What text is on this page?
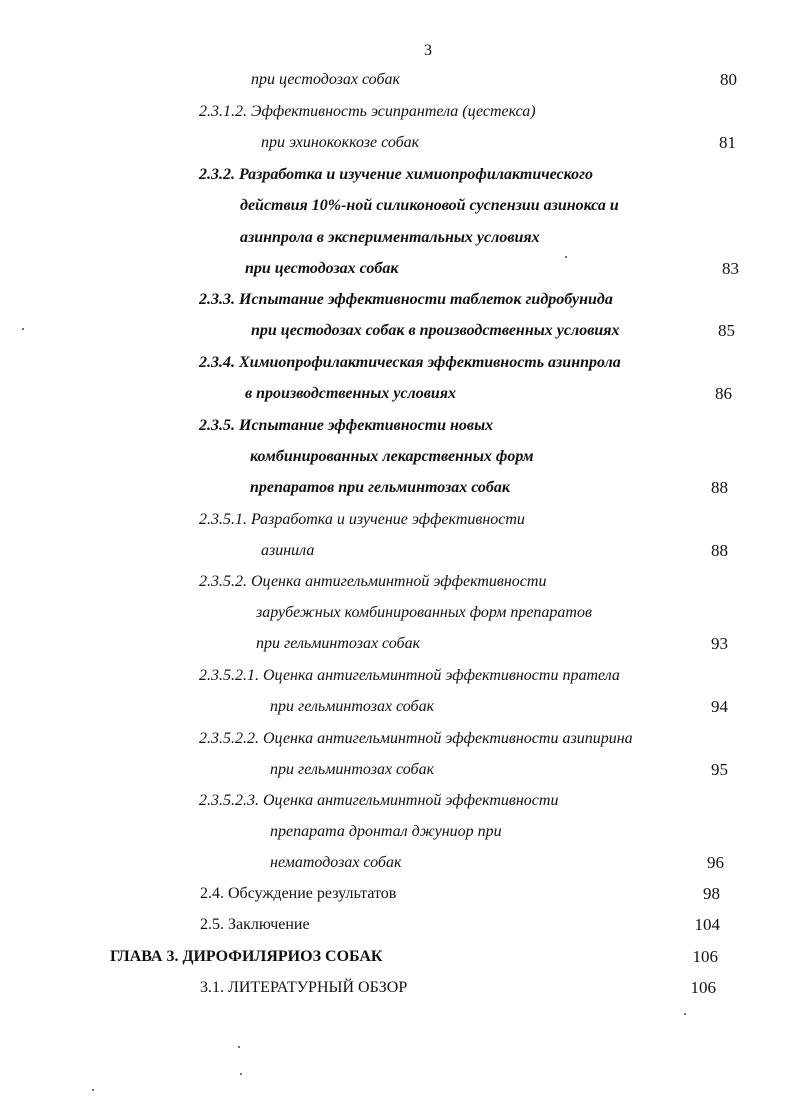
3
при цестодозах собак	80
2.3.1.2. Эффективность эсипрантела (цестекса)
при эхинококкозе собак	81
2.3.2. Разработка и изучение химиопрофилактического
действия 10%-ной силиконовой суспензии азинокса и
азинпрола в экспериментальных условиях
при цестодозах собак	83
2.3.3. Испытание эффективности таблеток гидробунида
при цестодозах собак в производственных условиях	85
2.3.4. Химиопрофилактическая эффективность азинпрола
в производственных условиях	86
2.3.5. Испытание эффективности новых
комбинированных лекарственных форм
препаратов при гельминтозах собак	88
2.3.5.1. Разработка и изучение эффективности
азинила	88
2.3.5.2. Оценка антигельминтной эффективности
зарубежных комбинированных форм препаратов
при гельминтозах собак	93
2.3.5.2.1. Оценка антигельминтной эффективности пратела
при гельминтозах собак	94
2.3.5.2.2. Оценка антигельминтной эффективности азипирина
при гельминтозах собак	95
2.3.5.2.3. Оценка антигельминтной эффективности
препарата дронтал джуниор при
нематодозах собак	96
2.4. Обсуждение результатов	98
2.5. Заключение	104
ГЛАВА 3. ДИРОФИЛЯРИОЗ СОБАК	106
3.1. ЛИТЕРАТУРНЫЙ ОБЗОР	106
